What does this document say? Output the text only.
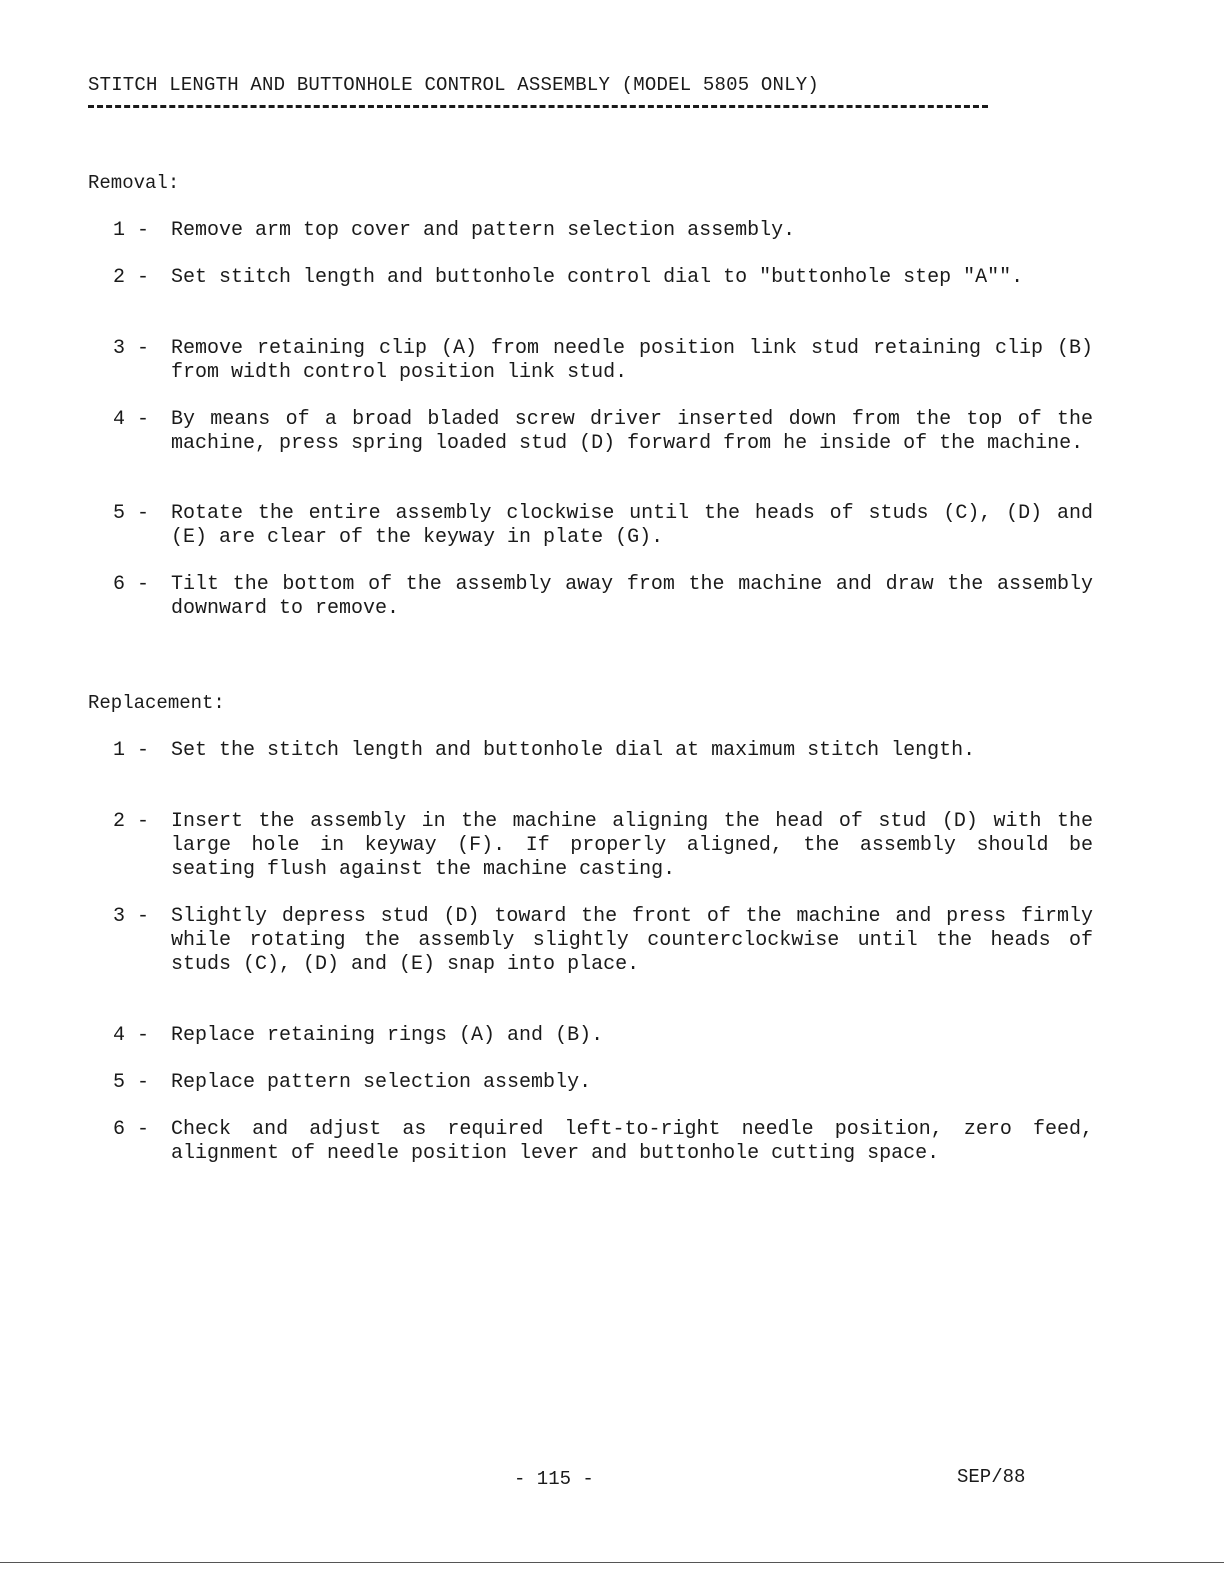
STITCH LENGTH AND BUTTONHOLE CONTROL ASSEMBLY (MODEL 5805 ONLY)
Removal:
1 - Remove arm top cover and pattern selection assembly.
2 - Set stitch length and buttonhole control dial to "buttonhole step "A"".
3 - Remove retaining clip (A) from needle position link stud retaining clip (B) from width control position link stud.
4 - By means of a broad bladed screw driver inserted down from the top of the machine, press spring loaded stud (D) forward from he inside of the machine.
5 - Rotate the entire assembly clockwise until the heads of studs (C), (D) and (E) are clear of the keyway in plate (G).
6 - Tilt the bottom of the assembly away from the machine and draw the assembly downward to remove.
Replacement:
1 - Set the stitch length and buttonhole dial at maximum stitch length.
2 - Insert the assembly in the machine aligning the head of stud (D) with the large hole in keyway (F). If properly aligned, the assembly should be seating flush against the machine casting.
3 - Slightly depress stud (D) toward the front of the machine and press firmly while rotating the assembly slightly counterclockwise until the heads of studs (C), (D) and (E) snap into place.
4 - Replace retaining rings (A) and (B).
5 - Replace pattern selection assembly.
6 - Check and adjust as required left-to-right needle position, zero feed, alignment of needle position lever and buttonhole cutting space.
- 115 -	SEP/88
